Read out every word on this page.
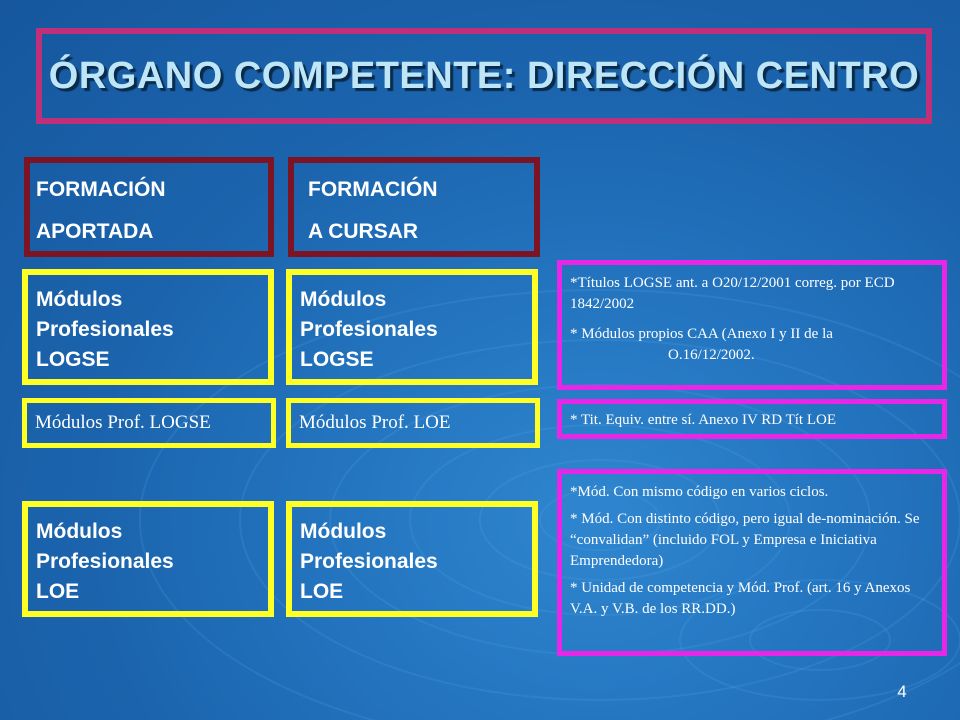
ÓRGANO COMPETENTE: DIRECCIÓN CENTRO
FORMACIÓN
APORTADA
FORMACIÓN
A CURSAR
Módulos
Profesionales
LOGSE
Módulos
Profesionales
LOGSE

*Títulos LOGSE ant. a O20/12/2001 correg. por ECD 1842/2002

* Módulos propios CAA (Anexo I y II de la

O.16/12/2002.

Módulos Prof. LOGSE	Módulos Prof. LOE	* Tit. Equiv. entre sí. Anexo IV RD Tít LOE

Módulos
Profesionales
LOE
Módulos
Profesionales
LOE

*Mód. Con mismo código en varios ciclos.

* Mód. Con distinto código, pero igual de-nominación. Se “convalidan” (incluido FOL y Empresa e Iniciativa Emprendedora)

* Unidad de competencia y Mód. Prof. (art. 16 y Anexos V.A. y V.B. de los RR.DD.)

4
